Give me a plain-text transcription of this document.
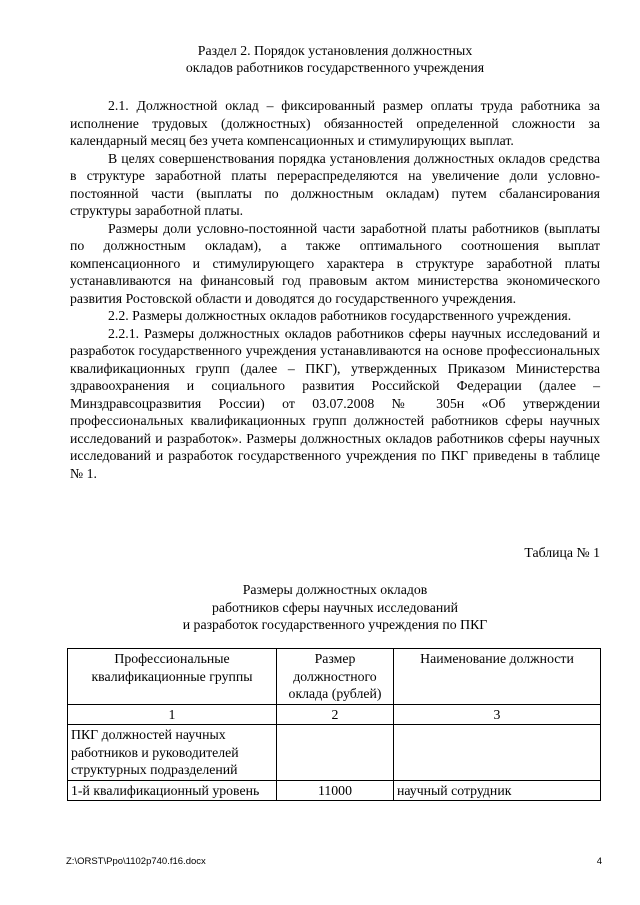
Раздел 2. Порядок установления должностных
окладов работников государственного учреждения

2.1. Должностной оклад – фиксированный размер оплаты труда работника за исполнение трудовых (должностных) обязанностей определенной сложности за календарный месяц без учета компенсационных и стимулирующих выплат.

В целях совершенствования порядка установления должностных окладов средства в структуре заработной платы перераспределяются на увеличение доли условно-постоянной части (выплаты по должностным окладам) путем сбалансирования структуры заработной платы.

Размеры доли условно-постоянной части заработной платы работников (выплаты по должностным окладам), а также оптимального соотношения выплат компенсационного и стимулирующего характера в структуре заработной платы устанавливаются на финансовый год правовым актом министерства экономического развития Ростовской области и доводятся до государственного учреждения.

2.2. Размеры должностных окладов работников государственного учреждения.

2.2.1. Размеры должностных окладов работников сферы научных исследований и разработок государственного учреждения устанавливаются на основе профессиональных квалификационных групп (далее – ПКГ), утвержденных Приказом Министерства здравоохранения и социального развития Российской Федерации (далее – Минздравсоцразвития России) от 03.07.2008 № 305н «Об утверждении профессиональных квалификационных групп должностей работников сферы научных исследований и разработок». Размеры должностных окладов работников сферы научных исследований и разработок государственного учреждения по ПКГ приведены в таблице № 1.

Таблица № 1
Размеры должностных окладов
работников сферы научных исследований
и разработок государственного учреждения по ПКГ
Профессиональные квалификационные группы	Размер должностного оклада (рублей)	Наименование должности
1	2	3
ПКГ должностей научных работников и руководителей структурных подразделений		
1-й квалификационный уровень	11000	научный сотрудник
Z:\ORST\Ppo\1102p740.f16.docx	4
